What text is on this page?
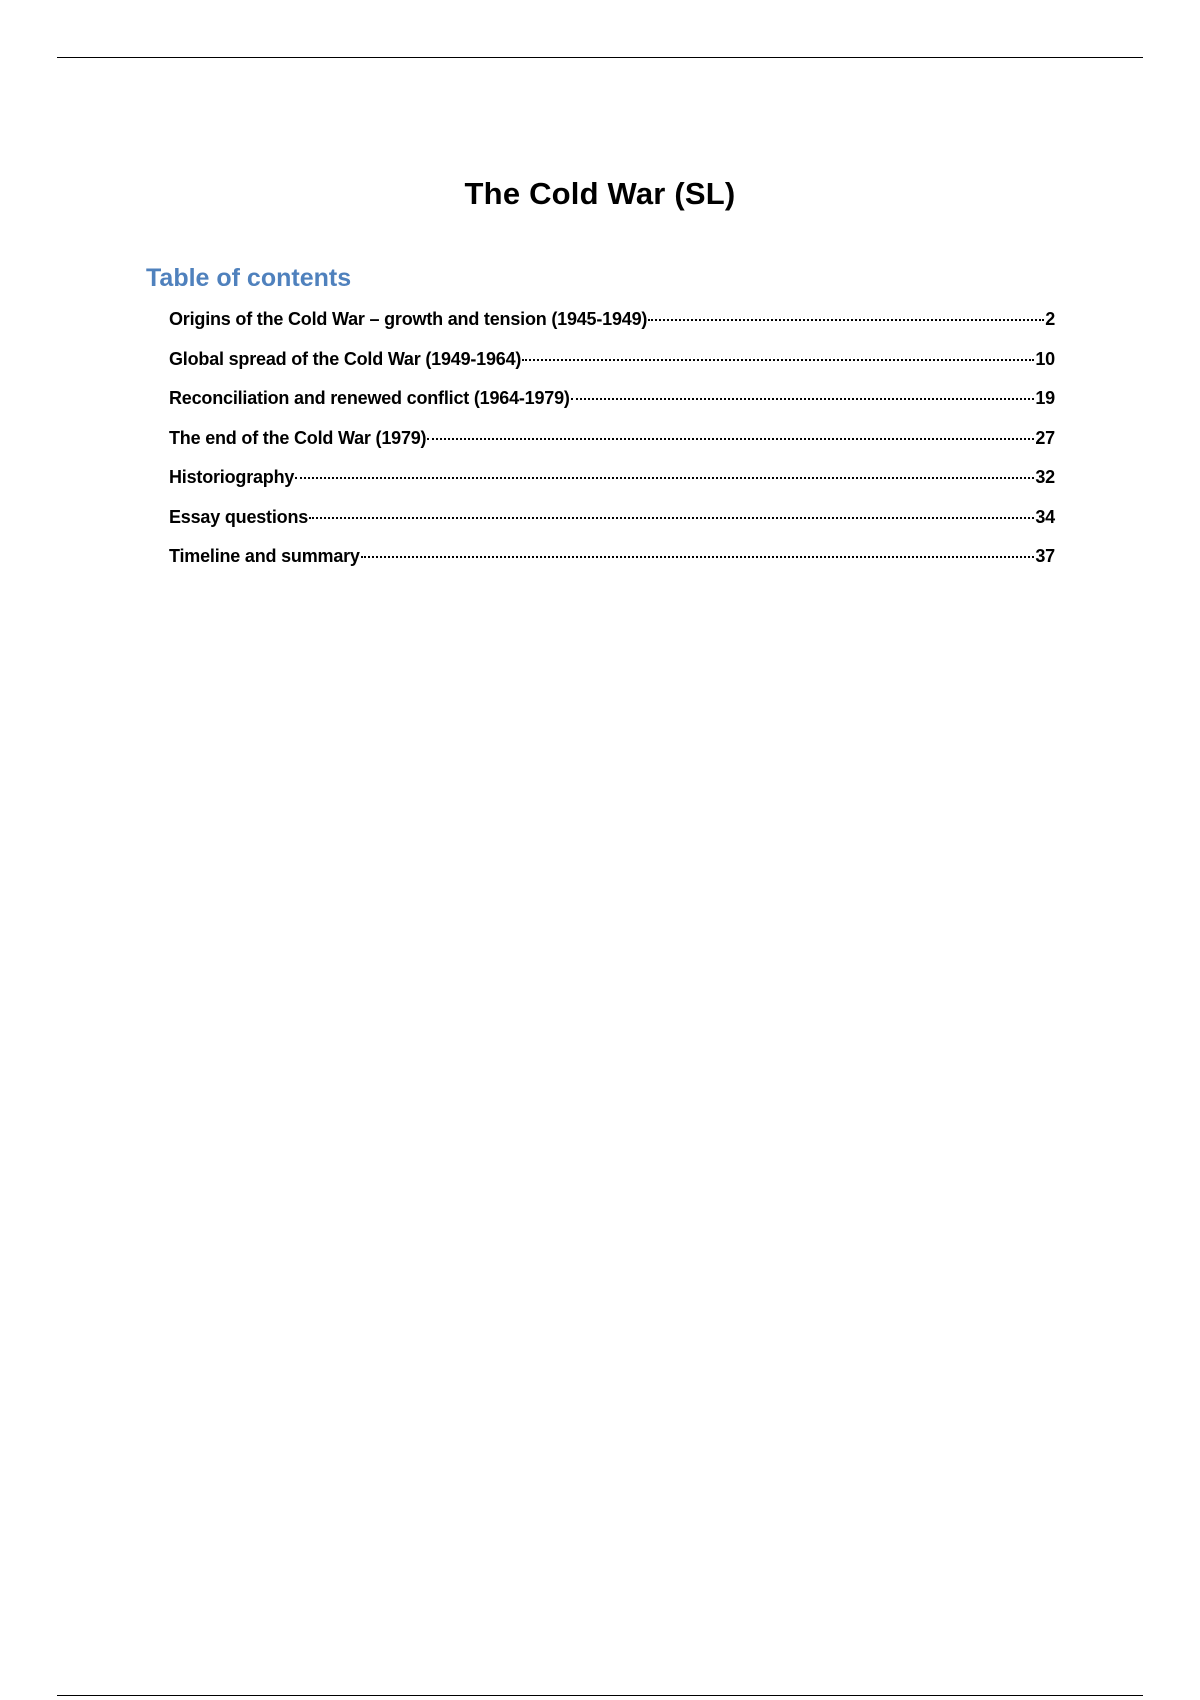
The Cold War (SL)
Table of contents
Origins of the Cold War – growth and tension (1945-1949)	2
Global spread of the Cold War (1949-1964)	10
Reconciliation and renewed conflict (1964-1979)	19
The end of the Cold War (1979)	27
Historiography	32
Essay questions	34
Timeline and summary	37
